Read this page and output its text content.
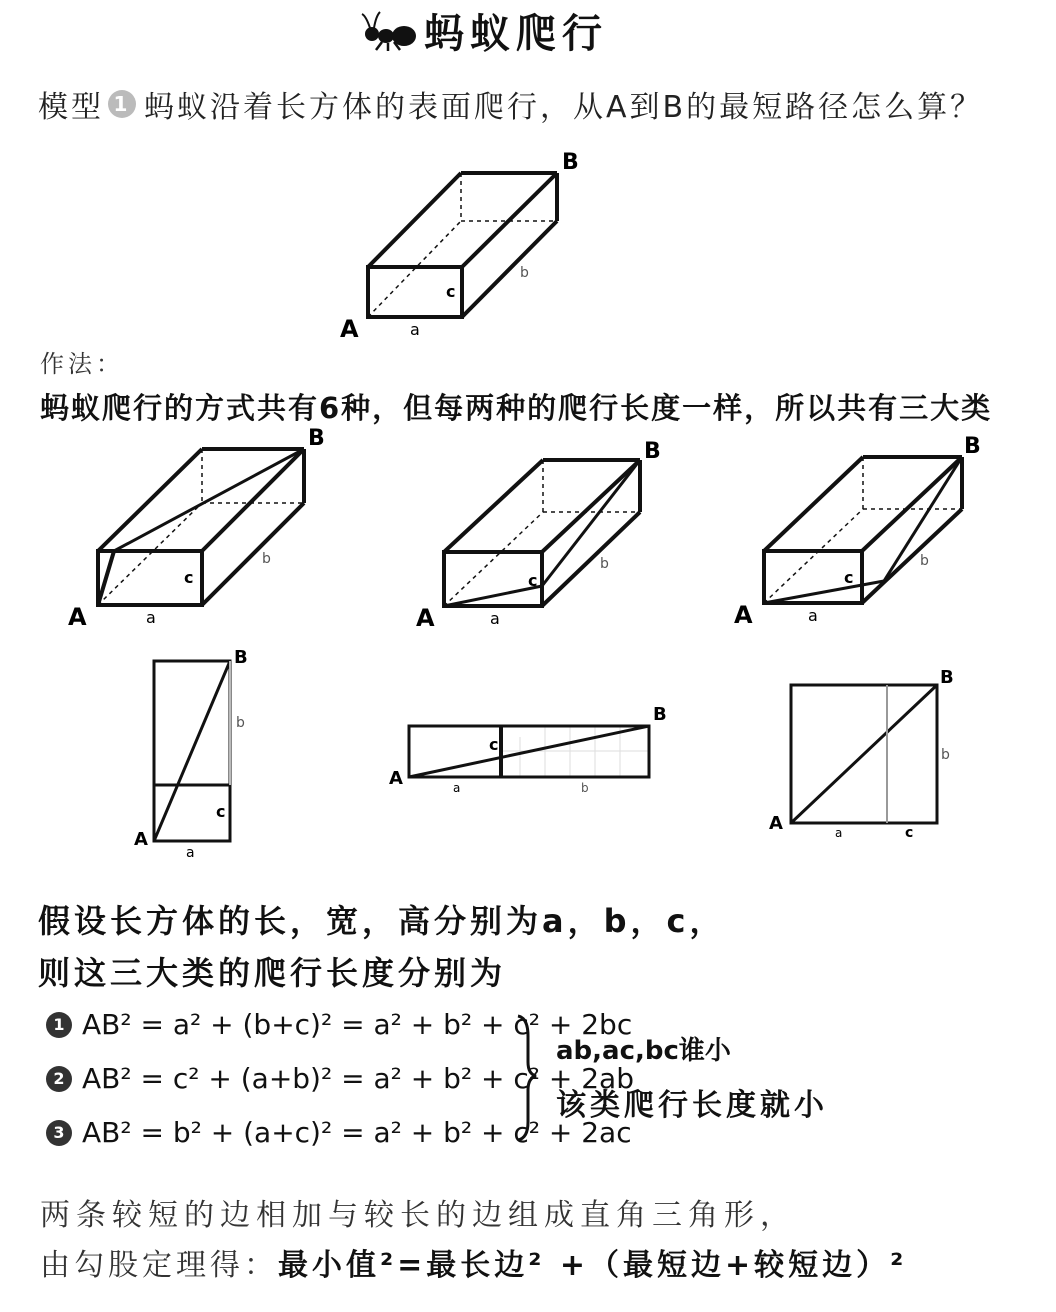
蚂蚁爬行
模型 1 蚂蚁沿着长方体的表面爬行，从A到B的最短路径怎么算？
B
A	a
b
c
作法：
蚂蚁爬行的方式共有6种，但每两种的爬行长度一样，所以共有三大类
B
A	a
b
c
B
A	a
b
c
B
A	a
b
c
B
A
a
b
c
B
A	a	b
c
B
A	a
b
c
假设长方体的长，宽，高分别为a，b，c，
则这三大类的爬行长度分别为
1 AB² = a² + (b+c)² = a² + b² + c² + 2bc
2 AB² = c² + (a+b)² = a² + b² + c² + 2ab
3 AB² = b² + (a+c)² = a² + b² + c² + 2ac
ab,ac,bc谁小
该类爬行长度就小
两条较短的边相加与较长的边组成直角三角形，
由勾股定理得： 最小值²=最长边² +（最短边+较短边）²
